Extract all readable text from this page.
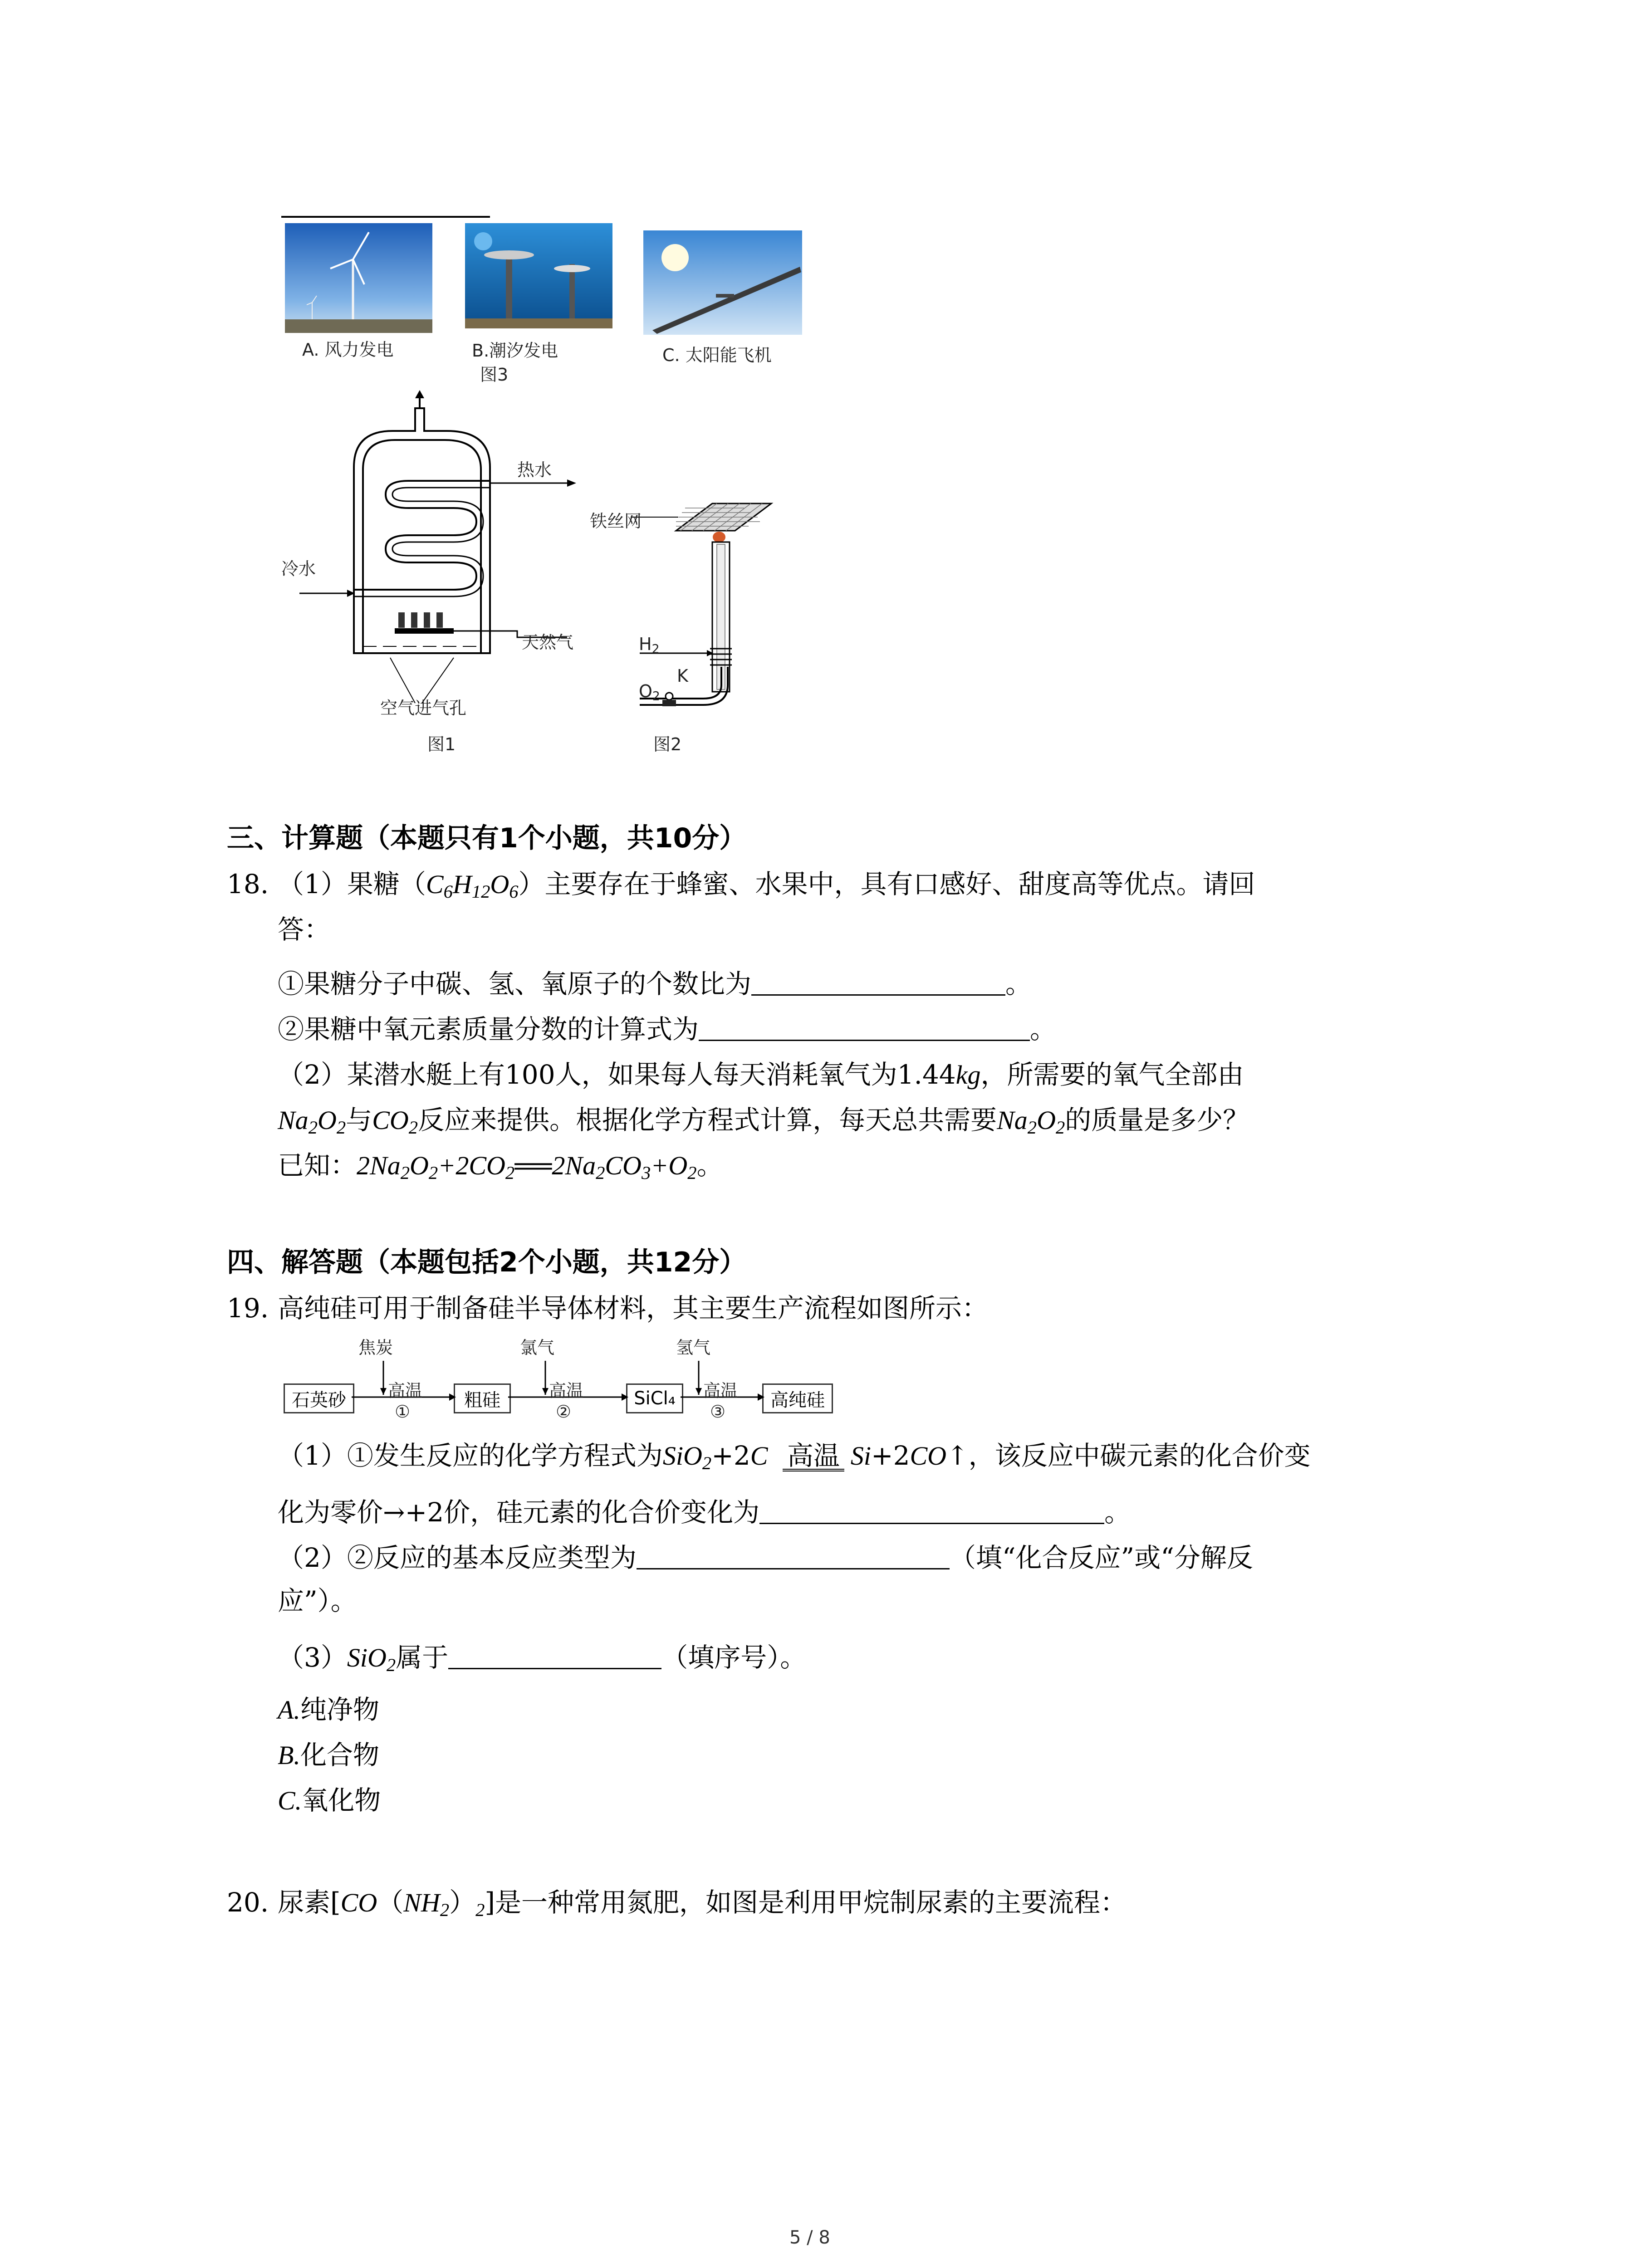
A. 风力发电	B.潮汐发电
图3
C. 太阳能飞机
热水
冷水
天然气
空气进气孔
图1
铁丝网
$H_2$
K
$O_2$
图2
三、计算题（本题只有1个小题，共10分）
18. （1）果糖$(C_6H_{12}O_6)$主要存在于蜂蜜、水果中，具有口感好、甜度高等优点。请回
答：
①果糖分子中碳、氢、氧原子的个数比为	。
②果糖中氧元素质量分数的计算式为	。
（2）某潜水艇上有100人，如果每人每天消耗氧气为1.44kg，所需要的氧气全部由
$Na_2O_2$与$CO_2$反应来提供。根据化学方程式计算，每天总共需要$Na_2O_2$的质量是多少？
已知：$2Na_2O_2+2CO_2══2Na_2CO_3+O_2$。
四、解答题（本题包括2个小题，共12分）
19. 高纯硅可用于制备硅半导体材料，其主要生产流程如图所示：
石英砂	粗硅	SiCl₄	高纯硅
焦炭	氯气	氢气
高温	高温	高温
①	②	③
（1）①发生反应的化学方程式为SiO$_2$+2C 高温 Si+2CO↑，该反应中碳元素的化合价变
化为零价→+2价，硅元素的化合价变化为	。
（2）②反应的基本反应类型为	（填“化合反应”或“分解反
应”）。
（3）SiO$_2$属于	（填序号）。
A.纯净物
B.化合物
C.氧化物
20. 尿素$[CO(NH_2)_2]$是一种常用氮肥，如图是利用甲烷制尿素的主要流程：
5 / 8
